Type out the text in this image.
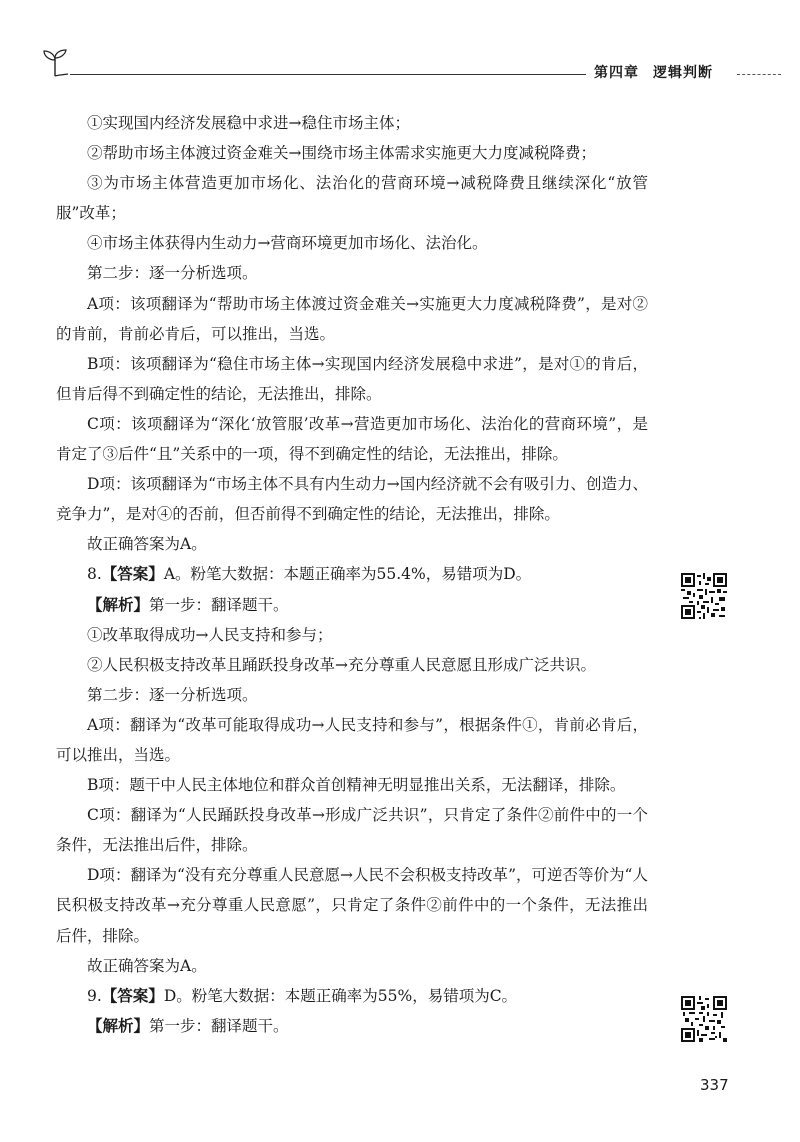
第四章 逻辑判断

①实现国内经济发展稳中求进→稳住市场主体；

②帮助市场主体渡过资金难关→围绕市场主体需求实施更大力度减税降费；

③为市场主体营造更加市场化、法治化的营商环境→减税降费且继续深化“放管服”改革；

④市场主体获得内生动力→营商环境更加市场化、法治化。

第二步：逐一分析选项。

A项：该项翻译为“帮助市场主体渡过资金难关→实施更大力度减税降费”，是对②的肯前，肯前必肯后，可以推出，当选。

B项：该项翻译为“稳住市场主体→实现国内经济发展稳中求进”，是对①的肯后，但肯后得不到确定性的结论，无法推出，排除。

C项：该项翻译为“深化‘放管服’改革→营造更加市场化、法治化的营商环境”，是肯定了③后件“且”关系中的一项，得不到确定性的结论，无法推出，排除。

D项：该项翻译为“市场主体不具有内生动力→国内经济就不会有吸引力、创造力、竞争力”，是对④的否前，但否前得不到确定性的结论，无法推出，排除。

故正确答案为A。

8.【答案】A。粉笔大数据：本题正确率为55.4%，易错项为D。

【解析】第一步：翻译题干。

①改革取得成功→人民支持和参与；

②人民积极支持改革且踊跃投身改革→充分尊重人民意愿且形成广泛共识。

第二步：逐一分析选项。

A项：翻译为“改革可能取得成功→人民支持和参与”，根据条件①，肯前必肯后，可以推出，当选。

B项：题干中人民主体地位和群众首创精神无明显推出关系，无法翻译，排除。

C项：翻译为“人民踊跃投身改革→形成广泛共识”，只肯定了条件②前件中的一个条件，无法推出后件，排除。

D项：翻译为“没有充分尊重人民意愿→人民不会积极支持改革”，可逆否等价为“人民积极支持改革→充分尊重人民意愿”，只肯定了条件②前件中的一个条件，无法推出后件，排除。

故正确答案为A。

9.【答案】D。粉笔大数据：本题正确率为55%，易错项为C。

【解析】第一步：翻译题干。

337
